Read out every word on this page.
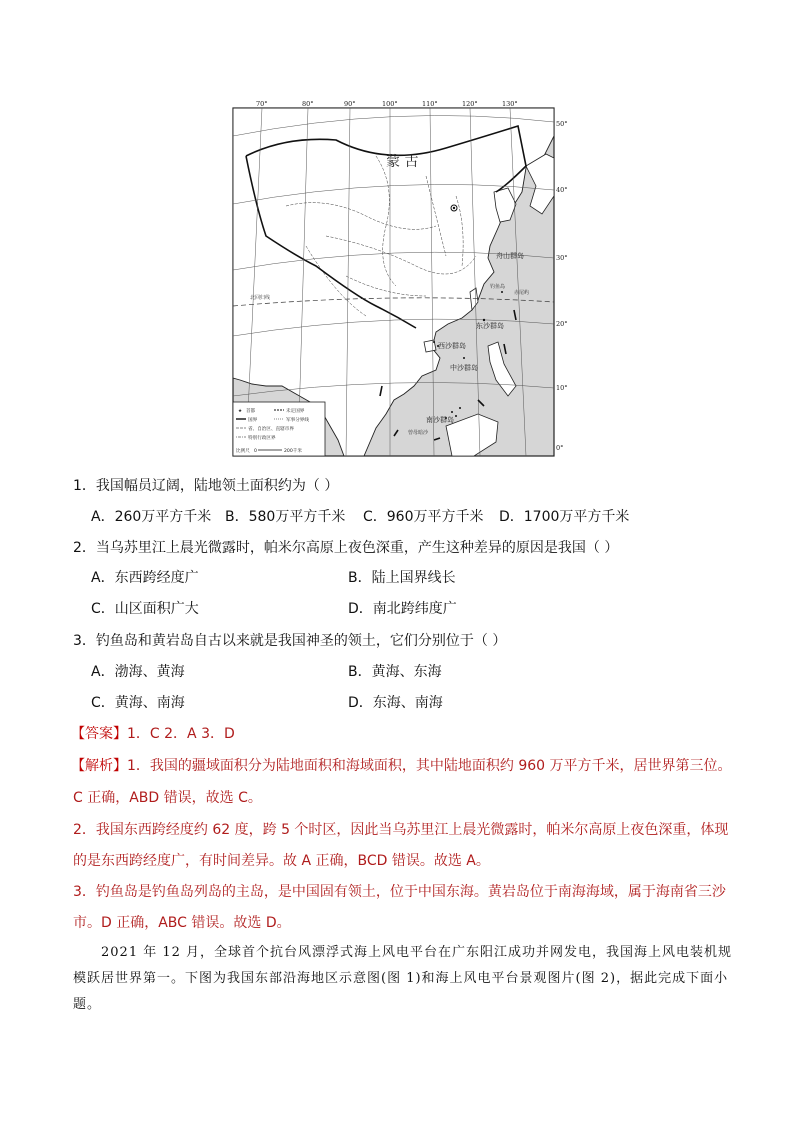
70°	80°	90°	100°	110°	120°	130°
50°
40°
30°
20°
10°
0°
蒙 古
舟山群岛
东沙群岛
西沙群岛
中沙群岛
南沙群岛
钓鱼岛
赤尾屿
曾母暗沙
北回归线
★ 首都	未定国界
国界	军事分界线
省、自治区、直辖市界
特别行政区界
比例尺 0	200千米
1．我国幅员辽阔，陆地领土面积约为（ ）
A．260万平方千米 B．580万平方千米 C．960万平方千米 D．1700万平方千米
2．当乌苏里江上晨光微露时，帕米尔高原上夜色深重，产生这种差异的原因是我国（ ）
A．东西跨经度广	B．陆上国界线长
C．山区面积广大	D．南北跨纬度广
3．钓鱼岛和黄岩岛自古以来就是我国神圣的领土，它们分别位于（ ）
A．渤海、黄海	B．黄海、东海
C．黄海、南海	D．东海、南海
【答案】1．C 2．A 3．D
【解析】1．我国的疆域面积分为陆地面积和海域面积，其中陆地面积约 960 万平方千米，居世界第三位。
C 正确，ABD 错误，故选 C。
2．我国东西跨经度约 62 度，跨 5 个时区，因此当乌苏里江上晨光微露时，帕米尔高原上夜色深重，体现
的是东西跨经度广，有时间差异。故 A 正确，BCD 错误。故选 A。
3．钓鱼岛是钓鱼岛列岛的主岛，是中国固有领土，位于中国东海。黄岩岛位于南海海域，属于海南省三沙
市。D 正确，ABC 错误。故选 D。
2021 年 12 月，全球首个抗台风漂浮式海上风电平台在广东阳江成功并网发电，我国海上风电装机规
模跃居世界第一。下图为我国东部沿海地区示意图(图 1)和海上风电平台景观图片(图 2)，据此完成下面小
题。
